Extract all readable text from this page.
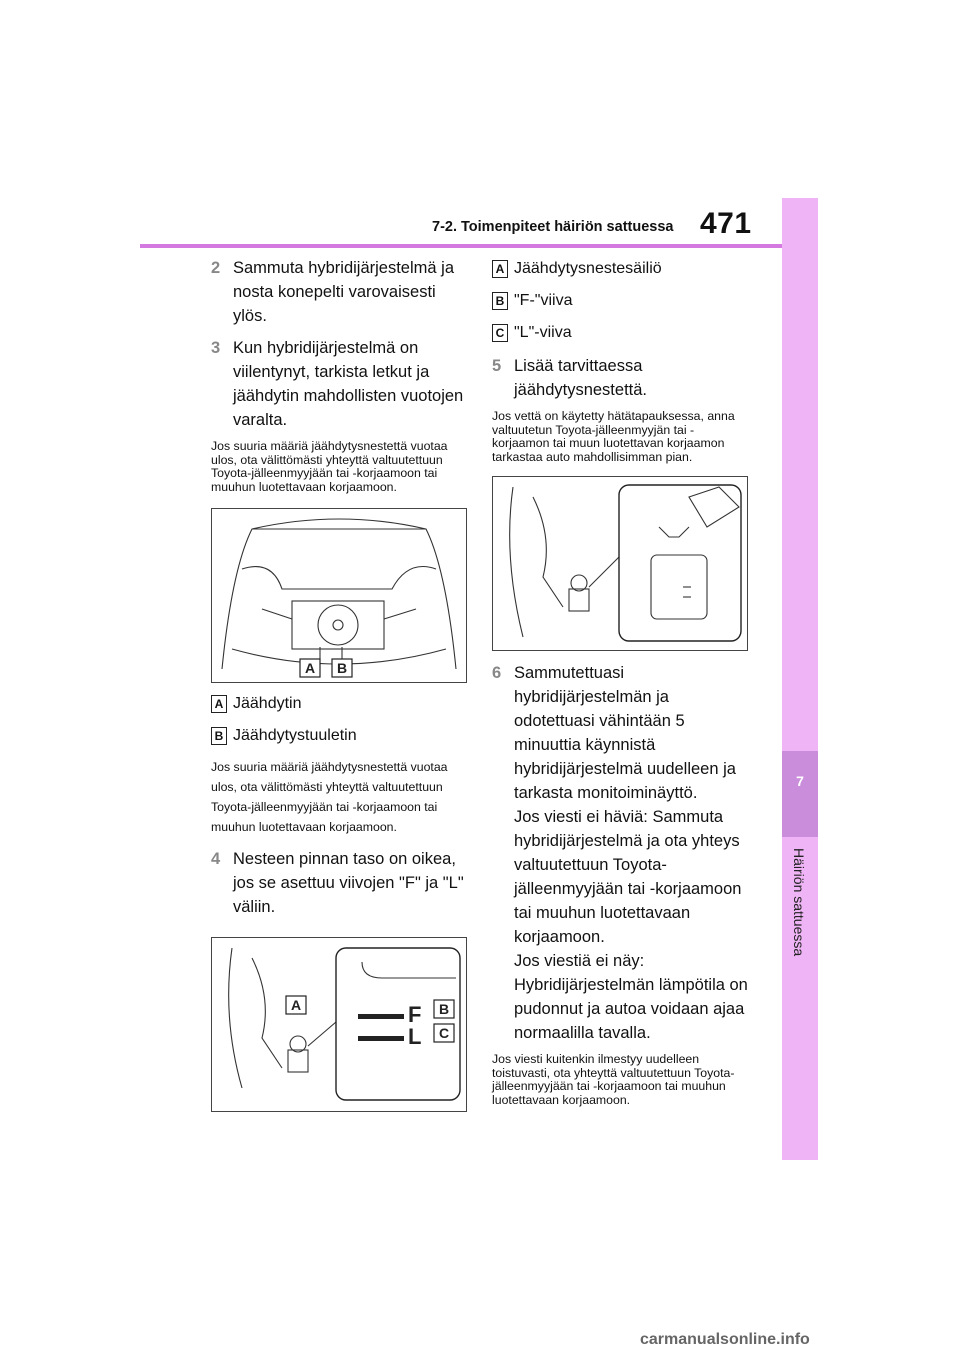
7-2. Toimenpiteet häiriön sattuessa 471
7
Häiriön sattuessa
2 Sammuta hybridijärjestelmä ja nosta konepelti varovaisesti ylös.
3 Kun hybridijärjestelmä on viilentynyt, tarkista letkut ja jäähdytin mahdollisten vuotojen varalta.

Jos suuria määriä jäähdytysnestettä vuotaa ulos, ota välittömästi yhteyttä valtuutettuun Toyota-jälleenmyyjään tai -korjaamoon tai muuhun luotettavaan korjaamoon.

A B
A Jäähdytin
B Jäähdytystuuletin

Jos suuria määriä jäähdytysnestettä vuotaa ulos, ota välittömästi yhteyttä valtuutettuun Toyota-jälleenmyyjään tai -korjaamoon tai muuhun luotettavaan korjaamoon.

4 Nesteen pinnan taso on oikea, jos se asettuu viivojen "F" ja "L" väliin.
F
L
A	B
C
A Jäähdytysnestesäiliö
B "F-"viiva
C "L"-viiva
5 Lisää tarvittaessa jäähdytysnestettä.

Jos vettä on käytetty hätätapauksessa, anna valtuutetun Toyota-jälleenmyyjän tai -korjaamon tai muun luotettavan korjaamon tarkastaa auto mahdollisimman pian.

6 Sammutettuasi hybridijärjestelmän ja odotettuasi vähintään 5 minuuttia käynnistä hybridijärjestelmä uudelleen ja tarkasta monitoiminäyttö.
Jos viesti ei häviä: Sammuta hybridijärjestelmä ja ota yhteys valtuutettuun Toyota-jälleenmyyjään tai -korjaamoon tai muuhun luotettavaan korjaamoon.
Jos viestiä ei näy: Hybridijärjestelmän lämpötila on pudonnut ja autoa voidaan ajaa normaalilla tavalla.

Jos viesti kuitenkin ilmestyy uudelleen toistuvasti, ota yhteyttä valtuutettuun Toyota-jälleenmyyjään tai -korjaamoon tai muuhun luotettavaan korjaamoon.

carmanualsonline.info
